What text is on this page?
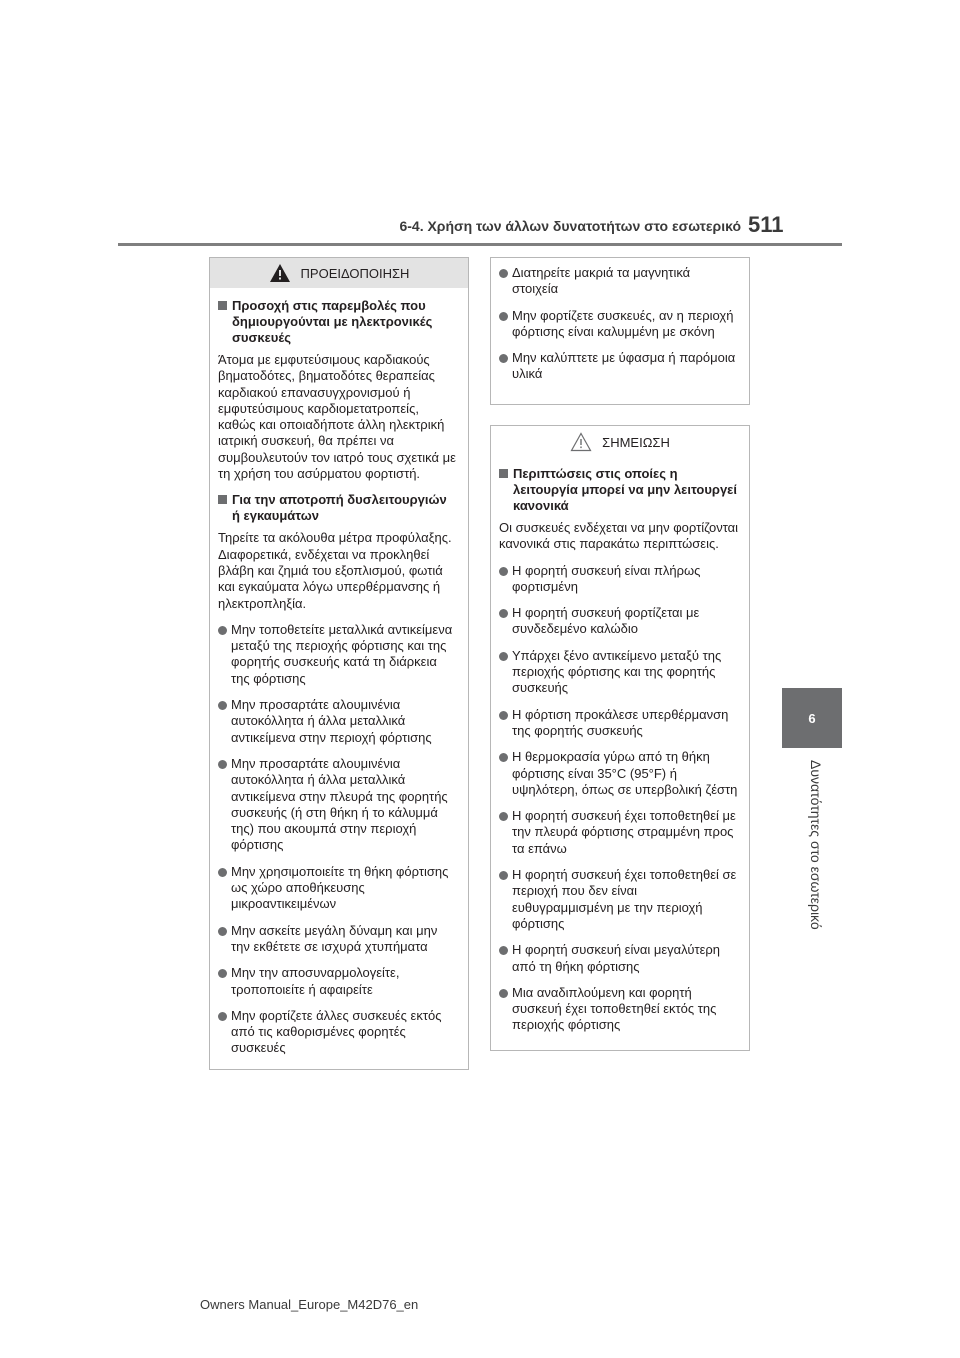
6-4. Χρήση των άλλων δυνατοτήτων στο εσωτερικό 511
6
Δυνατότητες στο εσωτερικό
ΠΡΟΕΙΔΟΠΟΙΗΣΗ
Προσοχή στις παρεμβολές που δημιουργούνται με ηλεκτρονικές συσκευές

Άτομα με εμφυτεύσιμους καρδιακούς βηματοδότες, βηματοδότες θεραπείας καρδιακού επανασυγχρονισμού ή εμφυτεύσιμους καρδιομετατροπείς, καθώς και οποιαδήποτε άλλη ηλεκτρική ιατρική συσκευή, θα πρέπει να συμβουλευτούν τον ιατρό τους σχετικά με τη χρήση του ασύρματου φορτιστή.

Για την αποτροπή δυσλειτουργιών ή εγκαυμάτων

Τηρείτε τα ακόλουθα μέτρα προφύλαξης. Διαφορετικά, ενδέχεται να προκληθεί βλάβη και ζημιά του εξοπλισμού, φωτιά και εγκαύματα λόγω υπερθέρμανσης ή ηλεκτροπληξία.

Μην τοποθετείτε μεταλλικά αντικείμενα μεταξύ της περιοχής φόρτισης και της φορητής συσκευής κατά τη διάρκεια της φόρτισης
Μην προσαρτάτε αλουμινένια αυτοκόλλητα ή άλλα μεταλλικά αντικείμενα στην περιοχή φόρτισης
Μην προσαρτάτε αλουμινένια αυτοκόλλητα ή άλλα μεταλλικά αντικείμενα στην πλευρά της φορητής συσκευής (ή στη θήκη ή το κάλυμμά της) που ακουμπά στην περιοχή φόρτισης
Μην χρησιμοποιείτε τη θήκη φόρτισης ως χώρο αποθήκευσης μικροαντικειμένων
Μην ασκείτε μεγάλη δύναμη και μην την εκθέτετε σε ισχυρά χτυπήματα
Μην την αποσυναρμολογείτε, τροποποιείτε ή αφαιρείτε
Μην φορτίζετε άλλες συσκευές εκτός από τις καθορισμένες φορητές συσκευές
Διατηρείτε μακριά τα μαγνητικά στοιχεία
Μην φορτίζετε συσκευές, αν η περιοχή φόρτισης είναι καλυμμένη με σκόνη
Μην καλύπτετε με ύφασμα ή παρόμοια υλικά
ΣΗΜΕΙΩΣΗ
Περιπτώσεις στις οποίες η λειτουργία μπορεί να μην λειτουργεί κανονικά

Οι συσκευές ενδέχεται να μην φορτίζονται κανονικά στις παρακάτω περιπτώσεις.

Η φορητή συσκευή είναι πλήρως φορτισμένη
Η φορητή συσκευή φορτίζεται με συνδεδεμένο καλώδιο
Υπάρχει ξένο αντικείμενο μεταξύ της περιοχής φόρτισης και της φορητής συσκευής
Η φόρτιση προκάλεσε υπερθέρμανση της φορητής συσκευής
Η θερμοκρασία γύρω από τη θήκη φόρτισης είναι 35°C (95°F) ή υψηλότερη, όπως σε υπερβολική ζέστη
Η φορητή συσκευή έχει τοποθετηθεί με την πλευρά φόρτισης στραμμένη προς τα επάνω
Η φορητή συσκευή έχει τοποθετηθεί σε περιοχή που δεν είναι ευθυγραμμισμένη με την περιοχή φόρτισης
Η φορητή συσκευή είναι μεγαλύτερη από τη θήκη φόρτισης
Μια αναδιπλούμενη και φορητή συσκευή έχει τοποθετηθεί εκτός της περιοχής φόρτισης
Owners Manual_Europe_M42D76_en
